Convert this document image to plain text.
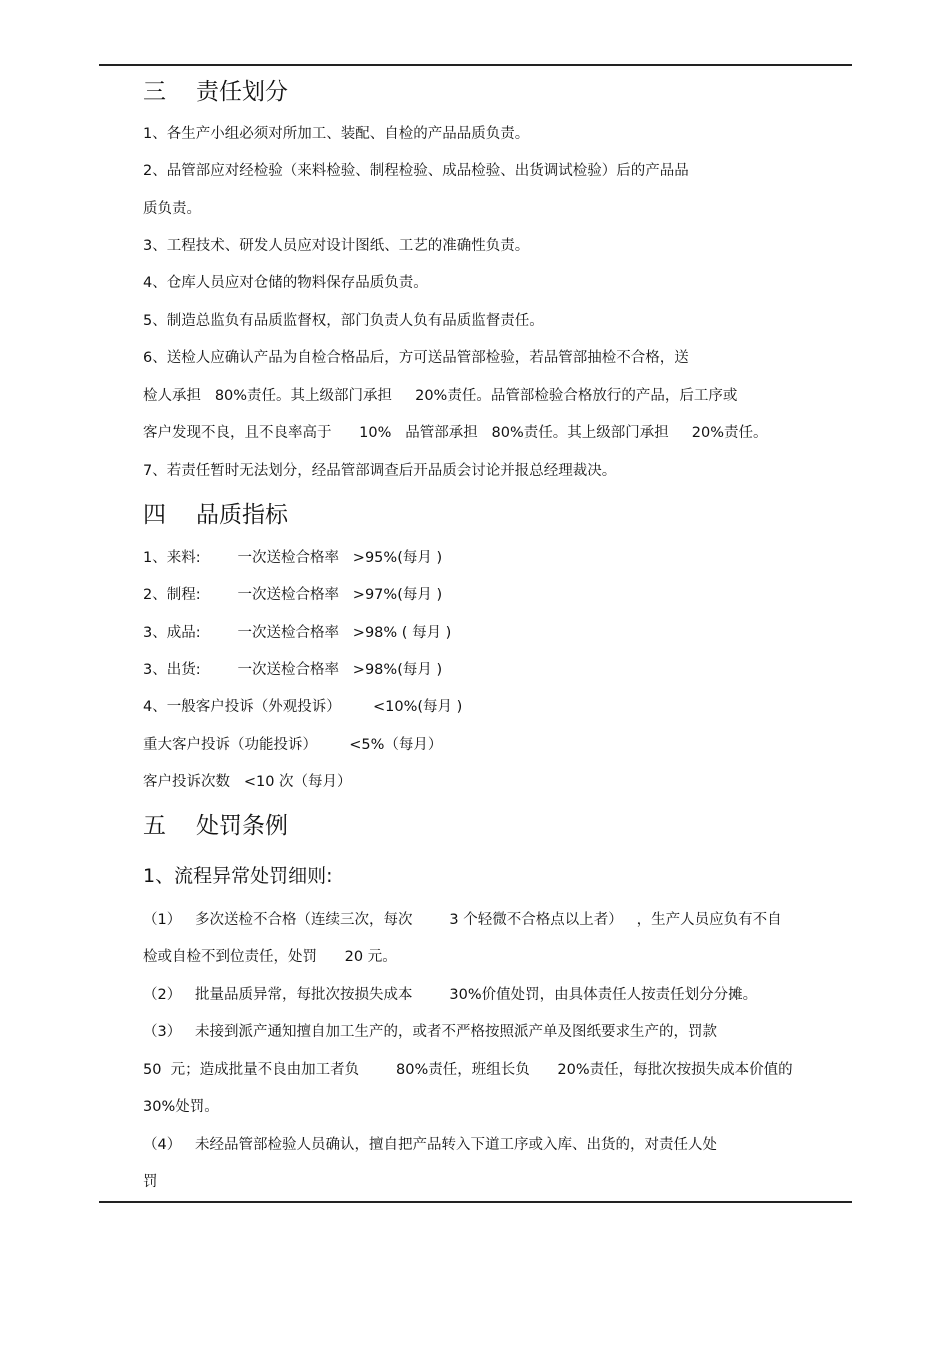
三 责任划分
1、各生产小组必须对所加工、装配、自检的产品品质负责。
2、品管部应对经检验（来料检验、制程检验、成品检验、出货调试检验）后的产品品
质负责。
3、工程技术、研发人员应对设计图纸、工艺的准确性负责。
4、仓库人员应对仓储的物料保存品质负责。
5、制造总监负有品质监督权，部门负责人负有品质监督责任。
6、送检人应确认产品为自检合格品后，方可送品管部检验，若品管部抽检不合格，送
检人承担   80%责任。其上级部门承担     20%责任。品管部检验合格放行的产品，后工序或
客户发现不良，且不良率高于      10%   品管部承担   80%责任。其上级部门承担     20%责任。
7、若责任暂时无法划分，经品管部调查后开品质会讨论并报总经理裁决。
四 品质指标
1、来料:        一次送检合格率   >95%(每月 )
2、制程:        一次送检合格率   >97%(每月 )
3、成品:        一次送检合格率   >98% ( 每月 )
3、出货:        一次送检合格率   >98%(每月 )
4、一般客户投诉（外观投诉）       <10%(每月 )
重大客户投诉（功能投诉）       <5%（每月）
客户投诉次数   <10 次（每月）
五 处罚条例
1、流程异常处罚细则:
（1）   多次送检不合格（连续三次，每次        3 个轻微不合格点以上者）   ，生产人员应负有不自
检或自检不到位责任，处罚      20 元。
（2）   批量品质异常，每批次按损失成本        30%价值处罚，由具体责任人按责任划分分摊。
（3）   未接到派产通知擅自加工生产的，或者不严格按照派产单及图纸要求生产的，罚款
50  元；造成批量不良由加工者负        80%责任，班组长负      20%责任，每批次按损失成本价值的
30%处罚。
（4）   未经品管部检验人员确认，擅自把产品转入下道工序或入库、出货的，对责任人处
罚
